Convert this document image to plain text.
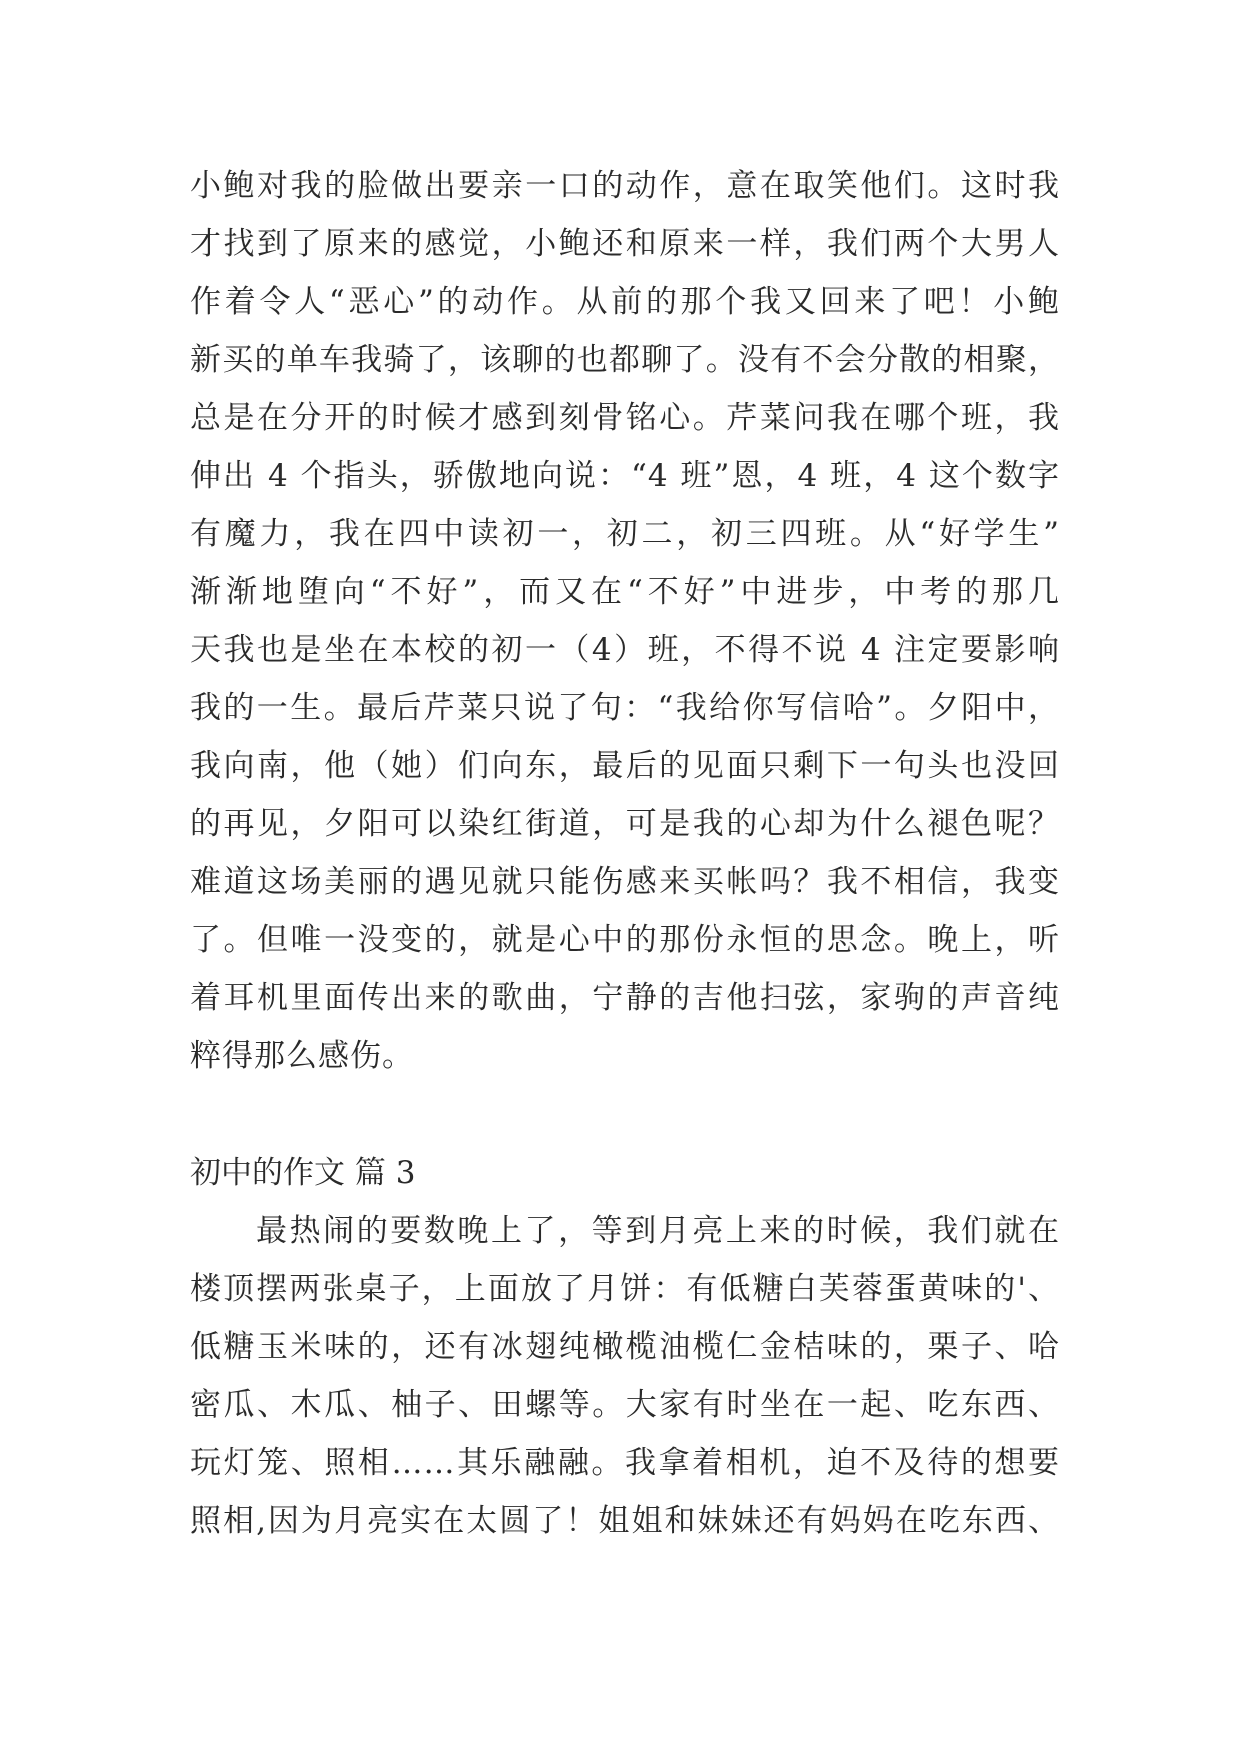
小鲍对我的脸做出要亲一口的动作，意在取笑他们。这时我
才找到了原来的感觉，小鲍还和原来一样，我们两个大男人
作着令人“恶心”的动作。从前的那个我又回来了吧！小鲍
新买的单车我骑了，该聊的也都聊了。没有不会分散的相聚，
总是在分开的时候才感到刻骨铭心。芹菜问我在哪个班，我
伸出 4 个指头，骄傲地向说：“4 班”恩，4 班，4 这个数字
有魔力，我在四中读初一，初二，初三四班。从“好学生”
渐渐地堕向“不好”，而又在“不好”中进步，中考的那几
天我也是坐在本校的初一（4）班，不得不说 4 注定要影响
我的一生。最后芹菜只说了句：“我给你写信哈”。夕阳中，
我向南，他（她）们向东，最后的见面只剩下一句头也没回
的再见，夕阳可以染红街道，可是我的心却为什么褪色呢？
难道这场美丽的遇见就只能伤感来买帐吗？我不相信，我变
了。但唯一没变的，就是心中的那份永恒的思念。晚上，听
着耳机里面传出来的歌曲，宁静的吉他扫弦，家驹的声音纯
粹得那么感伤。
初中的作文 篇 3
最热闹的要数晚上了，等到月亮上来的时候，我们就在
楼顶摆两张桌子，上面放了月饼：有低糖白芙蓉蛋黄味的'、
低糖玉米味的，还有冰翅纯橄榄油榄仁金桔味的，栗子、哈
密瓜、木瓜、柚子、田螺等。大家有时坐在一起、吃东西、
玩灯笼、照相……其乐融融。我拿着相机，迫不及待的想要
照相,因为月亮实在太圆了！姐姐和妹妹还有妈妈在吃东西、
